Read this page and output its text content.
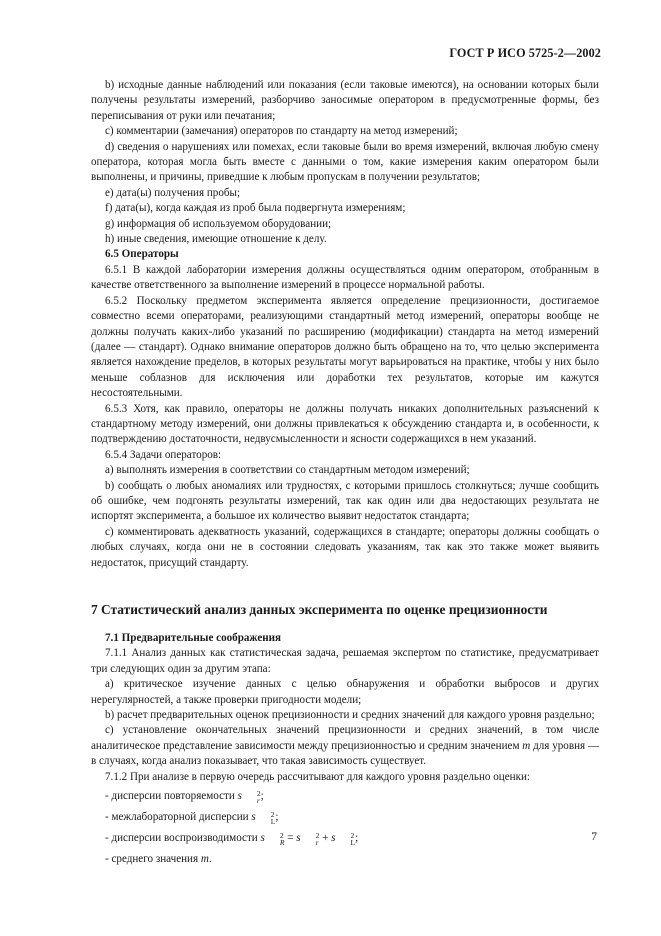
ГОСТ Р ИСО 5725-2—2002

b) исходные данные наблюдений или показания (если таковые имеются), на основании которых были получены результаты измерений, разборчиво заносимые оператором в предусмотренные формы, без переписывания от руки или печатания;

c) комментарии (замечания) операторов по стандарту на метод измерений;

d) сведения о нарушениях или помехах, если таковые были во время измерений, включая любую смену оператора, которая могла быть вместе с данными о том, какие измерения каким оператором были выполнены, и причины, приведшие к любым пропускам в получении результатов;

e) дата(ы) получения пробы;

f) дата(ы), когда каждая из проб была подвергнута измерениям;

g) информация об используемом оборудовании;

h) иные сведения, имеющие отношение к делу.

6.5 Операторы

6.5.1 В каждой лаборатории измерения должны осуществляться одним оператором, отобранным в качестве ответственного за выполнение измерений в процессе нормальной работы.

6.5.2 Поскольку предметом эксперимента является определение прецизионности, достигаемое совместно всеми операторами, реализующими стандартный метод измерений, операторы вообще не должны получать каких-либо указаний по расширению (модификации) стандарта на метод измерений (далее — стандарт). Однако внимание операторов должно быть обращено на то, что целью эксперимента является нахождение пределов, в которых результаты могут варьироваться на практике, чтобы у них было меньше соблазнов для исключения или доработки тех результатов, которые им кажутся несостоятельными.

6.5.3 Хотя, как правило, операторы не должны получать никаких дополнительных разъяснений к стандартному методу измерений, они должны привлекаться к обсуждению стандарта и, в особенности, к подтверждению достаточности, недвусмысленности и ясности содержащихся в нем указаний.

6.5.4 Задачи операторов:

a) выполнять измерения в соответствии со стандартным методом измерений;

b) сообщать о любых аномалиях или трудностях, с которыми пришлось столкнуться; лучше сообщить об ошибке, чем подгонять результаты измерений, так как один или два недостающих результата не испортят эксперимента, а большое их количество выявит недостаток стандарта;

c) комментировать адекватность указаний, содержащихся в стандарте; операторы должны сообщать о любых случаях, когда они не в состоянии следовать указаниям, так как это также может выявить недостаток, присущий стандарту.

7 Статистический анализ данных эксперимента по оценке прецизионности

7.1 Предварительные соображения

7.1.1 Анализ данных как статистическая задача, решаемая экспертом по статистике, предусматривает три следующих один за другим этапа:

a) критическое изучение данных с целью обнаружения и обработки выбросов и других нерегулярностей, а также проверки пригодности модели;

b) расчет предварительных оценок прецизионности и средних значений для каждого уровня раздельно;

c) установление окончательных значений прецизионности и средних значений, в том числе аналитическое представление зависимости между прецизионностью и средним значением m для уровня — в случаях, когда анализ показывает, что такая зависимость существует.

7.1.2 При анализе в первую очередь рассчитывают для каждого уровня раздельно оценки:

- дисперсии повторяемости s	2
r ;

- межлабораторной дисперсии s	2
L ;

- дисперсии воспроизводимости s	2
R = s	2
r + s	2
L ;

- среднего значения m.

7
